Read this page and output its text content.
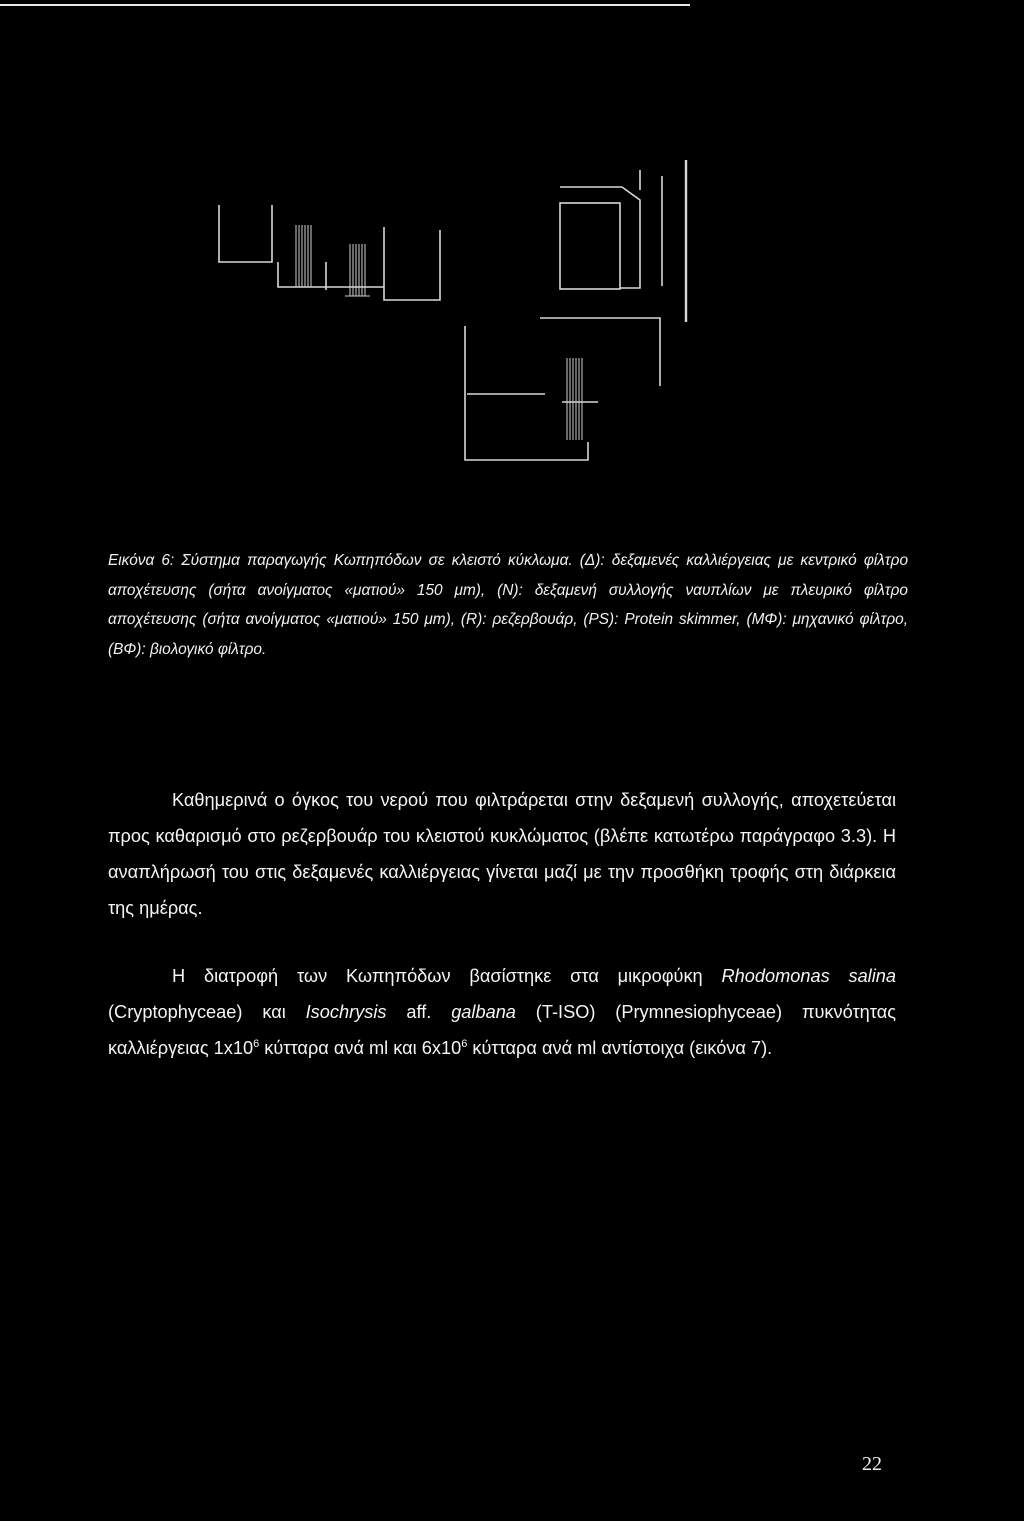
Εικόνα 6: Σύστημα παραγωγής Κωπηπόδων σε κλειστό κύκλωμα. (Δ): δεξαμενές καλλιέργειας με κεντρικό φίλτρο αποχέτευσης (σήτα ανοίγματος «ματιού» 150 μm), (Ν): δεξαμενή συλλογής ναυπλίων με πλευρικό φίλτρο αποχέτευσης (σήτα ανοίγματος «ματιού» 150 μm), (R): ρεζερβουάρ, (PS): Protein skimmer, (ΜΦ): μηχανικό φίλτρο, (ΒΦ): βιολογικό φίλτρο.
Καθημερινά ο όγκος του νερού που φιλτράρεται στην δεξαμενή συλλογής, αποχετεύεται προς καθαρισμό στο ρεζερβουάρ του κλειστού κυκλώματος (βλέπε κατωτέρω παράγραφο 3.3). Η αναπλήρωσή του στις δεξαμενές καλλιέργειας γίνεται μαζί με την προσθήκη τροφής στη διάρκεια της ημέρας.
Η διατροφή των Κωπηπόδων βασίστηκε στα μικροφύκη Rhodomonas salina (Cryptophyceae) και Isochrysis aff. galbana (T-ISO) (Prymnesiophyceae) πυκνότητας καλλιέργειας $1x10^6$ κύτταρα ανά ml και $6x10^6$ κύτταρα ανά ml αντίστοιχα (εικόνα 7).
22
